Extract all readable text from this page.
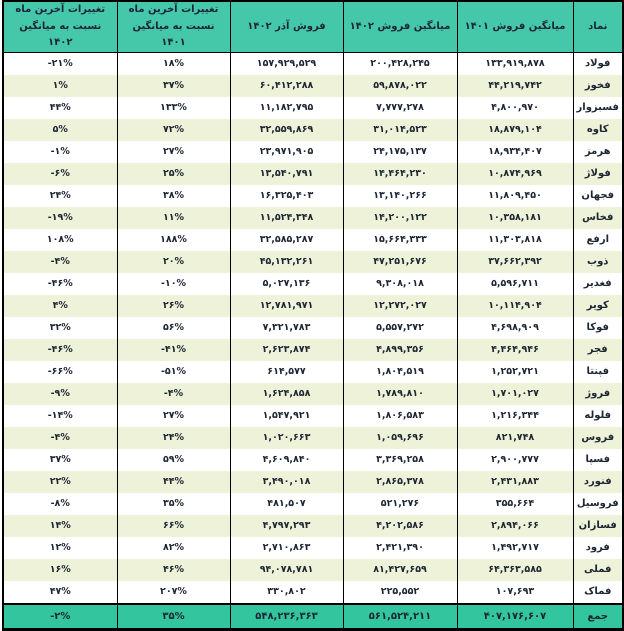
نماد	میانگین فروش ۱۴۰۱	میانگین فروش ۱۴۰۲	فروش آذر ۱۴۰۲	تغییرات آخرین ماه نسبت به میانگین ۱۴۰۱	تغییرات آخرین ماه نسبت به میانگین ۱۴۰۲
فولاد	۱۳۳,۹۱۹,۸۷۸	۲۰۰,۴۲۸,۲۴۵	۱۵۷,۹۲۹,۵۲۹	۱۸%	-۲۱%
فخوز	۴۴,۲۱۹,۷۴۲	۵۹,۸۷۸,۰۲۲	۶۰,۴۱۲,۲۸۸	۳۷%	۱%
فسبزوار	۴,۸۰۰,۹۷۰	۷,۷۷۷,۲۷۸	۱۱,۱۸۲,۷۹۵	۱۳۳%	۴۴%
کاوه	۱۸,۸۷۹,۱۰۴	۳۱,۰۱۴,۵۲۳	۳۲,۵۵۹,۸۶۹	۷۲%	۵%
هرمز	۱۸,۹۳۴,۴۰۷	۲۴,۱۷۵,۱۳۷	۲۳,۹۷۱,۹۰۵	۲۷%	-۱%
فولاژ	۱۰,۸۷۴,۹۶۹	۱۴,۴۶۴,۲۳۰	۱۳,۵۴۰,۷۹۱	۲۵%	-۶%
فجهان	۱۱,۸۰۹,۴۵۰	۱۳,۱۴۰,۲۶۶	۱۶,۳۲۵,۴۰۳	۳۸%	۲۴%
فخاس	۱۰,۳۵۸,۱۸۱	۱۴,۲۰۰,۱۲۲	۱۱,۵۲۴,۳۴۸	۱۱%	-۱۹%
ارفع	۱۱,۳۰۳,۸۱۸	۱۵,۶۶۴,۳۳۳	۳۲,۵۸۵,۲۸۷	۱۸۸%	۱۰۸%
ذوب	۳۷,۶۶۲,۳۹۲	۴۷,۲۵۱,۶۷۶	۴۵,۱۳۲,۲۶۱	۲۰%	-۴%
فغدیر	۵,۵۹۶,۷۱۱	۹,۳۰۸,۰۱۸	۵,۰۲۷,۱۳۶	-۱۰%	-۴۶%
کویر	۱۰,۱۱۴,۹۰۴	۱۲,۲۷۲,۰۲۷	۱۲,۷۸۱,۹۷۱	۲۶%	۴%
فوکا	۴,۶۹۸,۹۰۹	۵,۵۵۷,۲۷۲	۷,۳۲۱,۷۸۳	۵۶%	۳۲%
فجر	۴,۴۶۴,۹۴۶	۴,۸۹۹,۳۵۶	۲,۶۲۳,۸۷۴	-۴۱%	-۴۶%
فپنتا	۱,۲۵۲,۷۲۱	۱,۸۰۴,۵۱۹	۶۱۴,۵۷۷	-۵۱%	-۶۶%
فروژ	۱,۷۰۱,۰۲۷	۱,۷۸۹,۸۱۰	۱,۶۲۴,۸۵۸	-۴%	-۹%
فلوله	۱,۲۱۶,۳۴۴	۱,۸۰۶,۵۸۳	۱,۵۴۷,۹۲۱	۲۷%	-۱۴%
فروس	۸۲۱,۷۴۸	۱,۰۵۹,۶۹۶	۱,۰۲۰,۶۶۳	۲۴%	-۴%
فسپا	۲,۹۰۰,۷۷۷	۳,۳۶۹,۲۵۸	۴,۶۰۹,۸۴۰	۵۹%	۳۷%
فنورد	۲,۴۳۱,۸۸۳	۲,۸۶۵,۳۷۸	۳,۴۹۰,۰۱۸	۴۴%	۲۲%
فروسیل	۳۵۵,۶۶۴	۵۲۱,۲۷۶	۴۸۱,۵۰۷	۳۵%	-۸%
فسازان	۲,۸۹۴,۰۶۶	۴,۲۰۲,۵۸۶	۴,۷۹۷,۲۹۳	۶۶%	۱۴%
فرود	۱,۴۹۲,۷۱۷	۲,۴۲۱,۳۹۰	۲,۷۱۰,۸۶۳	۸۲%	۱۲%
فملی	۶۴,۳۶۳,۵۸۵	۸۱,۴۲۷,۶۵۹	۹۴,۰۷۸,۷۸۱	۴۶%	۱۶%
فماک	۱۰۷,۶۹۳	۲۲۵,۵۵۲	۳۳۰,۸۰۲	۲۰۷%	۴۷%
جمع	۴۰۷,۱۷۶,۶۰۷	۵۶۱,۵۲۴,۲۱۱	۵۴۸,۲۳۶,۳۶۳	۳۵%	-۲%
